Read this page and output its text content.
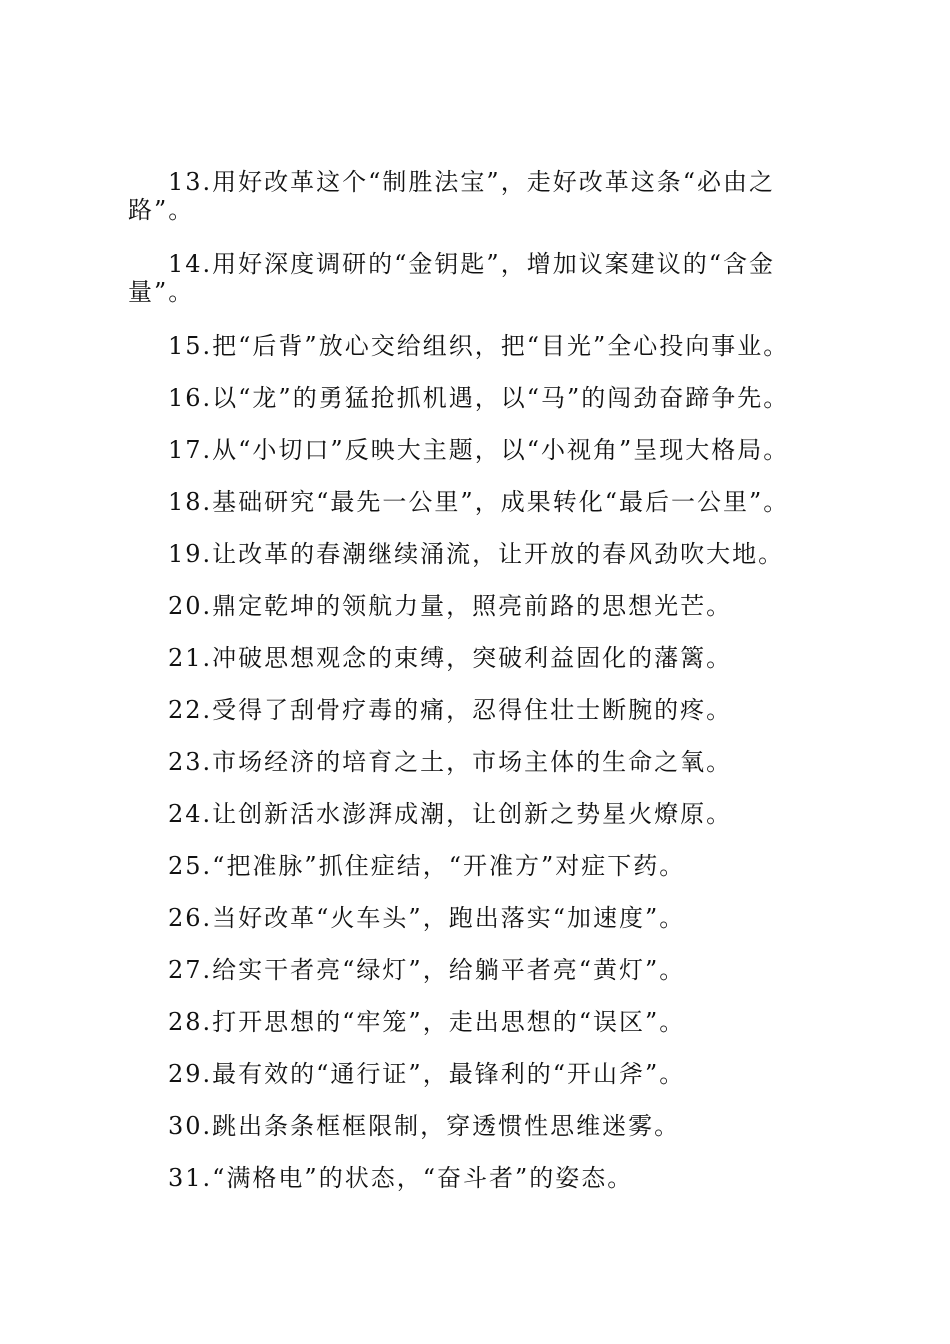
13.用好改革这个“制胜法宝”，走好改革这条“必由之路”。

14.用好深度调研的“金钥匙”，增加议案建议的“含金量”。

15.把“后背”放心交给组织，把“目光”全心投向事业。

16.以“龙”的勇猛抢抓机遇，以“马”的闯劲奋蹄争先。

17.从“小切口”反映大主题，以“小视角”呈现大格局。

18.基础研究“最先一公里”，成果转化“最后一公里”。

19.让改革的春潮继续涌流，让开放的春风劲吹大地。

20.鼎定乾坤的领航力量，照亮前路的思想光芒。

21.冲破思想观念的束缚，突破利益固化的藩篱。

22.受得了刮骨疗毒的痛，忍得住壮士断腕的疼。

23.市场经济的培育之土，市场主体的生命之氧。

24.让创新活水澎湃成潮，让创新之势星火燎原。

25.“把准脉”抓住症结，“开准方”对症下药。

26.当好改革“火车头”，跑出落实“加速度”。

27.给实干者亮“绿灯”，给躺平者亮“黄灯”。

28.打开思想的“牢笼”，走出思想的“误区”。

29.最有效的“通行证”，最锋利的“开山斧”。

30.跳出条条框框限制，穿透惯性思维迷雾。

31.“满格电”的状态，“奋斗者”的姿态。
